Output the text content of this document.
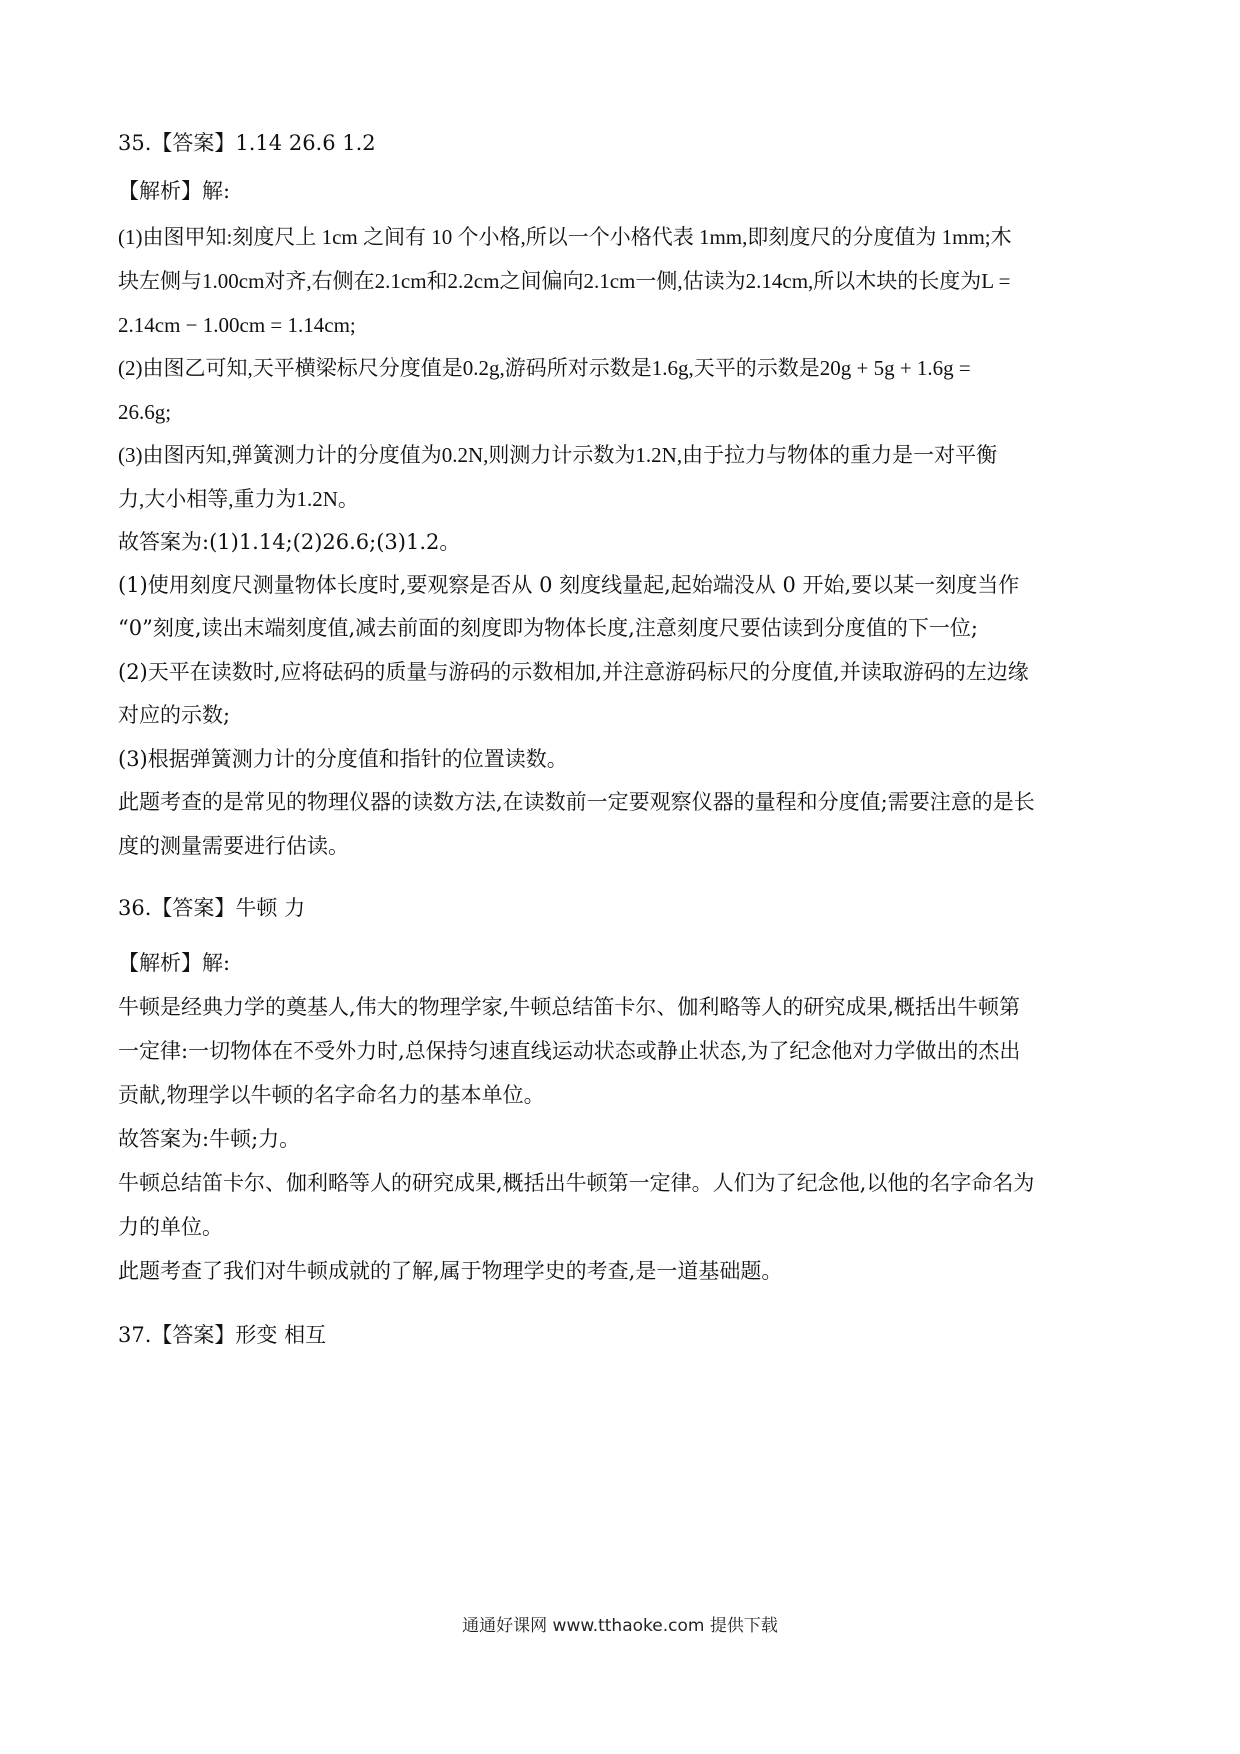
35.【答案】1.14 26.6 1.2
【解析】解:
(1)由图甲知:刻度尺上 1cm 之间有 10 个小格,所以一个小格代表 1mm,即刻度尺的分度值为 1mm;木
块左侧与1.00cm对齐,右侧在2.1cm和2.2cm之间偏向2.1cm一侧,估读为2.14cm,所以木块的长度为L =
2.14cm − 1.00cm = 1.14cm;
(2)由图乙可知,天平横梁标尺分度值是0.2g,游码所对示数是1.6g,天平的示数是20g + 5g + 1.6g =
26.6g;
(3)由图丙知,弹簧测力计的分度值为0.2N,则测力计示数为1.2N,由于拉力与物体的重力是一对平衡
力,大小相等,重力为1.2N。
故答案为:(1)1.14;(2)26.6;(3)1.2。
(1)使用刻度尺测量物体长度时,要观察是否从 0 刻度线量起,起始端没从 0 开始,要以某一刻度当作
“0”刻度,读出末端刻度值,减去前面的刻度即为物体长度,注意刻度尺要估读到分度值的下一位;
(2)天平在读数时,应将砝码的质量与游码的示数相加,并注意游码标尺的分度值,并读取游码的左边缘
对应的示数;
(3)根据弹簧测力计的分度值和指针的位置读数。
此题考查的是常见的物理仪器的读数方法,在读数前一定要观察仪器的量程和分度值;需要注意的是长
度的测量需要进行估读。
36.【答案】牛顿 力
【解析】解:
牛顿是经典力学的奠基人,伟大的物理学家,牛顿总结笛卡尔、伽利略等人的研究成果,概括出牛顿第
一定律:一切物体在不受外力时,总保持匀速直线运动状态或静止状态,为了纪念他对力学做出的杰出
贡献,物理学以牛顿的名字命名力的基本单位。
故答案为:牛顿;力。
牛顿总结笛卡尔、伽利略等人的研究成果,概括出牛顿第一定律。人们为了纪念他,以他的名字命名为
力的单位。
此题考查了我们对牛顿成就的了解,属于物理学史的考查,是一道基础题。
37.【答案】形变 相互
通通好课网 www.tthaoke.com 提供下载
